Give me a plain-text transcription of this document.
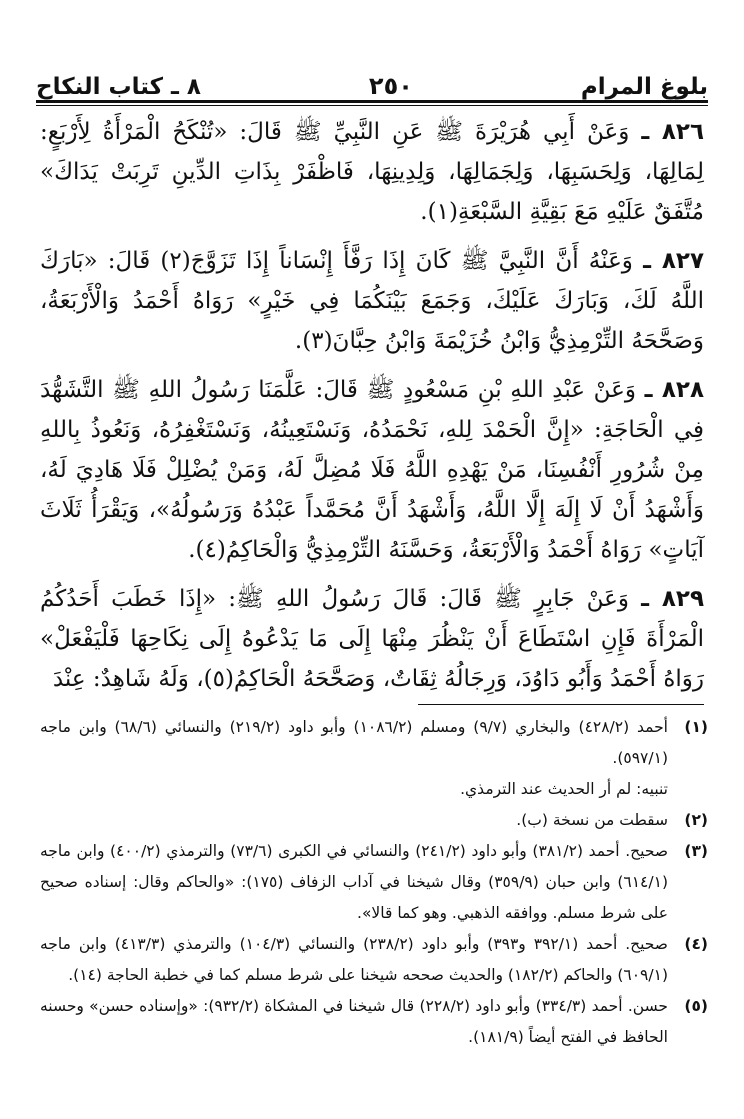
بلوغ المرام
٢٥٠
٨ ـ كتاب النكاح

٨٢٦ ـ وَعَنْ أَبِي هُرَيْرَةَ ﷺ عَنِ النَّبِيِّ ﷺ قَالَ: «تُنْكَحُ الْمَرْأَةُ لِأَرْبَعٍ: لِمَالِهَا، وَلِحَسَبِهَا، وَلِجَمَالِهَا، وَلِدِينِهَا، فَاظْفَرْ بِذَاتِ الدِّينِ تَرِبَتْ يَدَاكَ» مُتَّفَقٌ عَلَيْهِ مَعَ بَقِيَّةِ السَّبْعَةِ(١).

٨٢٧ ـ وَعَنْهُ أَنَّ النَّبِيَّ ﷺ كَانَ إِذَا رَفَّأَ إِنْسَاناً إِذَا تَزَوَّجَ(٢) قَالَ: «بَارَكَ اللَّهُ لَكَ، وَبَارَكَ عَلَيْكَ، وَجَمَعَ بَيْنَكُمَا فِي خَيْرٍ» رَوَاهُ أَحْمَدُ وَالْأَرْبَعَةُ، وَصَحَّحَهُ التِّرْمِذِيُّ وَابْنُ خُزَيْمَةَ وَابْنُ حِبَّانَ(٣).

٨٢٨ ـ وَعَنْ عَبْدِ اللهِ بْنِ مَسْعُودٍ ﷺ قَالَ: عَلَّمَنَا رَسُولُ اللهِ ﷺ التَّشَهُّدَ فِي الْحَاجَةِ: «إِنَّ الْحَمْدَ لِلهِ، نَحْمَدُهُ، وَنَسْتَعِينُهُ، وَنَسْتَغْفِرُهُ، وَنَعُوذُ بِاللهِ مِنْ شُرُورِ أَنْفُسِنَا، مَنْ يَهْدِهِ اللَّهُ فَلَا مُضِلَّ لَهُ، وَمَنْ يُضْلِلْ فَلَا هَادِيَ لَهُ، وَأَشْهَدُ أَنْ لَا إِلَهَ إِلَّا اللَّهُ، وَأَشْهَدُ أَنَّ مُحَمَّداً عَبْدُهُ وَرَسُولُهُ»، وَيَقْرَأُ ثَلَاثَ آيَاتٍ» رَوَاهُ أَحْمَدُ وَالْأَرْبَعَةُ، وَحَسَّنَهُ التِّرْمِذِيُّ وَالْحَاكِمُ(٤).

٨٢٩ ـ وَعَنْ جَابِرٍ ﷺ قَالَ: قَالَ رَسُولُ اللهِ ﷺ: «إِذَا خَطَبَ أَحَدُكُمُ الْمَرْأَةَ فَإِنِ اسْتَطَاعَ أَنْ يَنْظُرَ مِنْهَا إِلَى مَا يَدْعُوهُ إِلَى نِكَاحِهَا فَلْيَفْعَلْ» رَوَاهُ أَحْمَدُ وَأَبُو دَاوُدَ، وَرِجَالُهُ ثِقَاتٌ، وَصَحَّحَهُ الْحَاكِمُ(٥)، وَلَهُ شَاهِدٌ: عِنْدَ

(١)
أحمد (٤٢٨/٢) والبخاري (٩/٧) ومسلم (١٠٨٦/٢) وأبو داود (٢١٩/٢) والنسائي (٦٨/٦) وابن ماجه (٥٩٧/١).
تنبيه: لم أر الحديث عند الترمذي.
(٢)
سقطت من نسخة (ب).
(٣)
صحيح. أحمد (٣٨١/٢) وأبو داود (٢٤١/٢) والنسائي في الكبرى (٧٣/٦) والترمذي (٤٠٠/٢) وابن ماجه (٦١٤/١) وابن حبان (٣٥٩/٩) وقال شيخنا في آداب الزفاف (١٧٥): «والحاكم وقال: إسناده صحيح على شرط مسلم. ووافقه الذهبي. وهو كما قالا».
(٤)
صحيح. أحمد (٣٩٢/١ و٣٩٣) وأبو داود (٢٣٨/٢) والنسائي (١٠٤/٣) والترمذي (٤١٣/٣) وابن ماجه (٦٠٩/١) والحاكم (١٨٢/٢) والحديث صححه شيخنا على شرط مسلم كما في خطبة الحاجة (١٤).
(٥)
حسن. أحمد (٣٣٤/٣) وأبو داود (٢٢٨/٢) قال شيخنا في المشكاة (٩٣٢/٢): «وإسناده حسن» وحسنه الحافظ في الفتح أيضاً (١٨١/٩).
